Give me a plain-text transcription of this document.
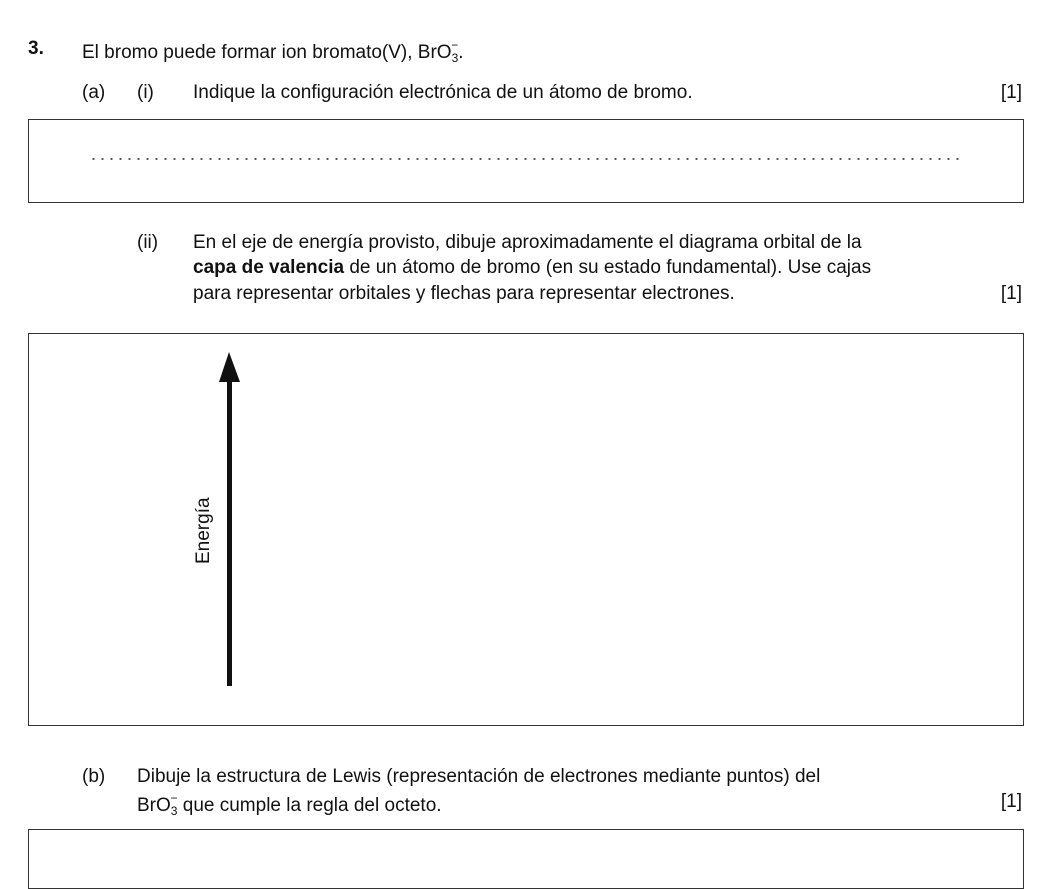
3. El bromo puede formar ion bromato(V), BrO$_3$−.
(a) (i) Indique la configuración electrónica de un átomo de bromo.	[1]
(ii) En el eje de energía provisto, dibuje aproximadamente el diagrama orbital de la
capa de valencia de un átomo de bromo (en su estado fundamental). Use cajas
para representar orbitales y flechas para representar electrones.	[1]
Energía
(b) Dibuje la estructura de Lewis (representación de electrones mediante puntos) del
BrO$_3$− que cumple la regla del octeto.	[1]
